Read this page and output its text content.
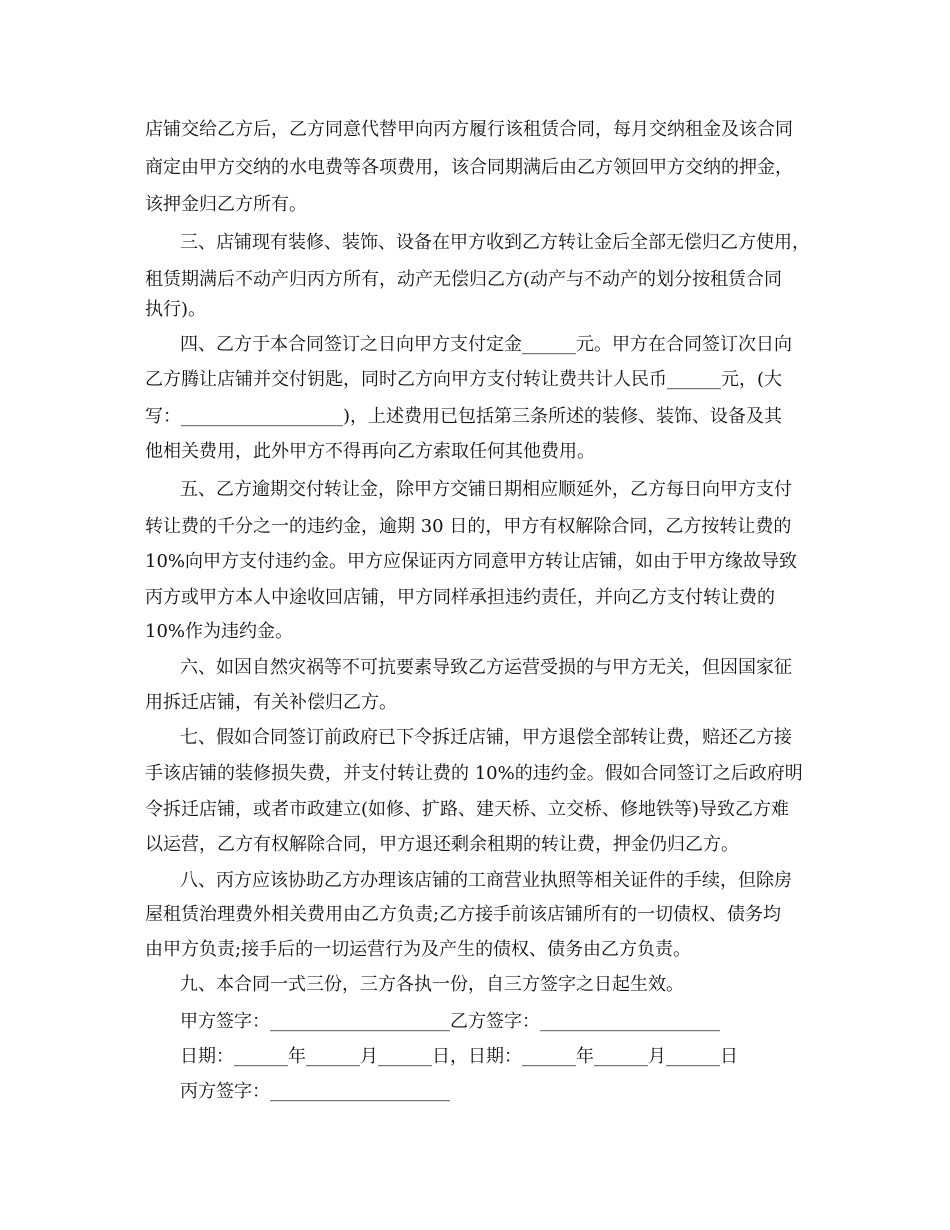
店铺交给乙方后，乙方同意代替甲向丙方履行该租赁合同，每月交纳租金及该合同
商定由甲方交纳的水电费等各项费用，该合同期满后由乙方领回甲方交纳的押金，
该押金归乙方所有。
三、店铺现有装修、装饰、设备在甲方收到乙方转让金后全部无偿归乙方使用，
租赁期满后不动产归丙方所有，动产无偿归乙方(动产与不动产的划分按租赁合同
执行)。
四、乙方于本合同签订之日向甲方支付定金______元。甲方在合同签订次日向
乙方腾让店铺并交付钥匙，同时乙方向甲方支付转让费共计人民币______元，(大
写：__________________)，上述费用已包括第三条所述的装修、装饰、设备及其
他相关费用，此外甲方不得再向乙方索取任何其他费用。
五、乙方逾期交付转让金，除甲方交铺日期相应顺延外，乙方每日向甲方支付
转让费的千分之一的违约金，逾期 30 日的，甲方有权解除合同，乙方按转让费的
10%向甲方支付违约金。甲方应保证丙方同意甲方转让店铺，如由于甲方缘故导致
丙方或甲方本人中途收回店铺，甲方同样承担违约责任，并向乙方支付转让费的
10%作为违约金。
六、如因自然灾祸等不可抗要素导致乙方运营受损的与甲方无关，但因国家征
用拆迁店铺，有关补偿归乙方。
七、假如合同签订前政府已下令拆迁店铺，甲方退偿全部转让费，赔还乙方接
手该店铺的装修损失费，并支付转让费的 10%的违约金。假如合同签订之后政府明
令拆迁店铺，或者市政建立(如修、扩路、建天桥、立交桥、修地铁等)导致乙方难
以运营，乙方有权解除合同，甲方退还剩余租期的转让费，押金仍归乙方。
八、丙方应该协助乙方办理该店铺的工商营业执照等相关证件的手续，但除房
屋租赁治理费外相关费用由乙方负责;乙方接手前该店铺所有的一切债权、债务均
由甲方负责;接手后的一切运营行为及产生的债权、债务由乙方负责。
九、本合同一式三份，三方各执一份，自三方签字之日起生效。
甲方签字：____________________乙方签字：____________________
日期：______年______月______日，日期：______年______月______日
丙方签字：____________________
